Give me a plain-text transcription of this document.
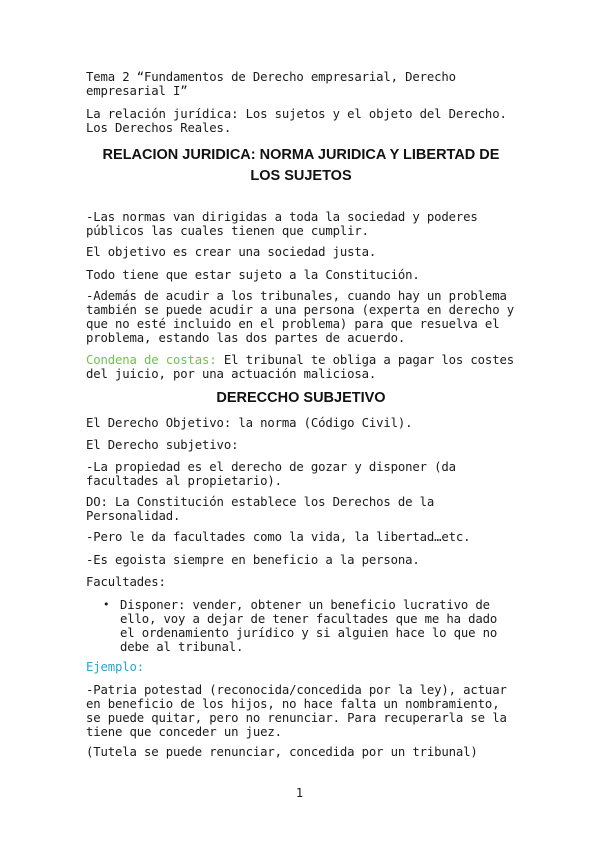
Tema 2 “Fundamentos de Derecho empresarial, Derecho empresarial I”

La relación jurídica: Los sujetos y el objeto del Derecho. Los Derechos Reales.

RELACION JURIDICA: NORMA JURIDICA Y LIBERTAD DE LOS SUJETOS

-Las normas van dirigidas a toda la sociedad y poderes públicos las cuales tienen que cumplir.

El objetivo es crear una sociedad justa.

Todo tiene que estar sujeto a la Constitución.

-Además de acudir a los tribunales, cuando hay un problema también se puede acudir a una persona (experta en derecho y que no esté incluido en el problema) para que resuelva el problema, estando las dos partes de acuerdo.

Condena de costas: El tribunal te obliga a pagar los costes del juicio, por una actuación maliciosa.

DERECCHO SUBJETIVO

El Derecho Objetivo: la norma (Código Civil).

El Derecho subjetivo:

-La propiedad es el derecho de gozar y disponer (da facultades al propietario).

DO: La Constitución establece los Derechos de la Personalidad.

-Pero le da facultades como la vida, la libertad…etc.

-Es egoista siempre en beneficio a la persona.

Facultades:

• Disponer: vender, obtener un beneficio lucrativo de ello, voy a dejar de tener facultades que me ha dado el ordenamiento jurídico y si alguien hace lo que no debe al tribunal.

Ejemplo:

-Patria potestad (reconocida/concedida por la ley), actuar en beneficio de los hijos, no hace falta un nombramiento, se puede quitar, pero no renunciar. Para recuperarla se la tiene que conceder un juez.

(Tutela se puede renunciar, concedida por un tribunal)

1
